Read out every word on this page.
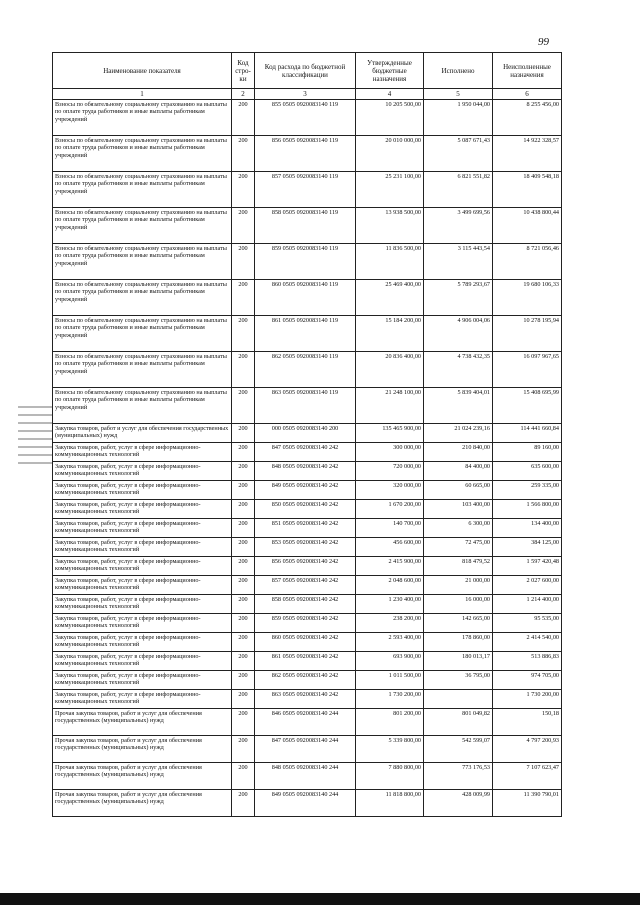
99
Наименование показателя	Код стро-ки	Код расхода по бюджетной классификации	Утвержденные бюджетные назначения	Исполнено	Неисполненные назначения
1	2	3	4	5	6
Взносы по обязательному социальному страхованию на выплаты по оплате труда работников и иные выплаты работникам учреждений	200	855 0505 0920083140 119	10 205 500,00	1 950 044,00	8 255 456,00
Взносы по обязательному социальному страхованию на выплаты по оплате труда работников и иные выплаты работникам учреждений	200	856 0505 0920083140 119	20 010 000,00	5 087 671,43	14 922 328,57
Взносы по обязательному социальному страхованию на выплаты по оплате труда работников и иные выплаты работникам учреждений	200	857 0505 0920083140 119	25 231 100,00	6 821 551,82	18 409 548,18
Взносы по обязательному социальному страхованию на выплаты по оплате труда работников и иные выплаты работникам учреждений	200	858 0505 0920083140 119	13 938 500,00	3 499 699,56	10 438 800,44
Взносы по обязательному социальному страхованию на выплаты по оплате труда работников и иные выплаты работникам учреждений	200	859 0505 0920083140 119	11 836 500,00	3 115 443,54	8 721 056,46
Взносы по обязательному социальному страхованию на выплаты по оплате труда работников и иные выплаты работникам учреждений	200	860 0505 0920083140 119	25 469 400,00	5 789 293,67	19 680 106,33
Взносы по обязательному социальному страхованию на выплаты по оплате труда работников и иные выплаты работникам учреждений	200	861 0505 0920083140 119	15 184 200,00	4 906 004,06	10 278 195,94
Взносы по обязательному социальному страхованию на выплаты по оплате труда работников и иные выплаты работникам учреждений	200	862 0505 0920083140 119	20 836 400,00	4 738 432,35	16 097 967,65
Взносы по обязательному социальному страхованию на выплаты по оплате труда работников и иные выплаты работникам учреждений	200	863 0505 0920083140 119	21 248 100,00	5 839 404,01	15 408 695,99
Закупка товаров, работ и услуг для обеспечения государственных (муниципальных) нужд	200	000 0505 0920083140 200	135 465 900,00	21 024 239,16	114 441 660,84
Закупка товаров, работ, услуг в сфере информационно-коммуникационных технологий	200	847 0505 0920083140 242	300 000,00	210 840,00	89 160,00
Закупка товаров, работ, услуг в сфере информационно-коммуникационных технологий	200	848 0505 0920083140 242	720 000,00	84 400,00	635 600,00
Закупка товаров, работ, услуг в сфере информационно-коммуникационных технологий	200	849 0505 0920083140 242	320 000,00	60 665,00	259 335,00
Закупка товаров, работ, услуг в сфере информационно-коммуникационных технологий	200	850 0505 0920083140 242	1 670 200,00	103 400,00	1 566 800,00
Закупка товаров, работ, услуг в сфере информационно-коммуникационных технологий	200	851 0505 0920083140 242	140 700,00	6 300,00	134 400,00
Закупка товаров, работ, услуг в сфере информационно-коммуникационных технологий	200	853 0505 0920083140 242	456 600,00	72 475,00	384 125,00
Закупка товаров, работ, услуг в сфере информационно-коммуникационных технологий	200	856 0505 0920083140 242	2 415 900,00	818 479,52	1 597 420,48
Закупка товаров, работ, услуг в сфере информационно-коммуникационных технологий	200	857 0505 0920083140 242	2 048 600,00	21 000,00	2 027 600,00
Закупка товаров, работ, услуг в сфере информационно-коммуникационных технологий	200	858 0505 0920083140 242	1 230 400,00	16 000,00	1 214 400,00
Закупка товаров, работ, услуг в сфере информационно-коммуникационных технологий	200	859 0505 0920083140 242	238 200,00	142 665,00	95 535,00
Закупка товаров, работ, услуг в сфере информационно-коммуникационных технологий	200	860 0505 0920083140 242	2 593 400,00	178 860,00	2 414 540,00
Закупка товаров, работ, услуг в сфере информационно-коммуникационных технологий	200	861 0505 0920083140 242	693 900,00	180 013,17	513 886,83
Закупка товаров, работ, услуг в сфере информационно-коммуникационных технологий	200	862 0505 0920083140 242	1 011 500,00	36 795,00	974 705,00
Закупка товаров, работ, услуг в сфере информационно-коммуникационных технологий	200	863 0505 0920083140 242	1 730 200,00		1 730 200,00
Прочая закупка товаров, работ и услуг для обеспечения государственных (муниципальных) нужд	200	846 0505 0920083140 244	801 200,00	801 049,82	150,18
Прочая закупка товаров, работ и услуг для обеспечения государственных (муниципальных) нужд	200	847 0505 0920083140 244	5 339 800,00	542 599,07	4 797 200,93
Прочая закупка товаров, работ и услуг для обеспечения государственных (муниципальных) нужд	200	848 0505 0920083140 244	7 880 800,00	773 176,53	7 107 623,47
Прочая закупка товаров, работ и услуг для обеспечения государственных (муниципальных) нужд	200	849 0505 0920083140 244	11 818 800,00	428 009,99	11 390 790,01
